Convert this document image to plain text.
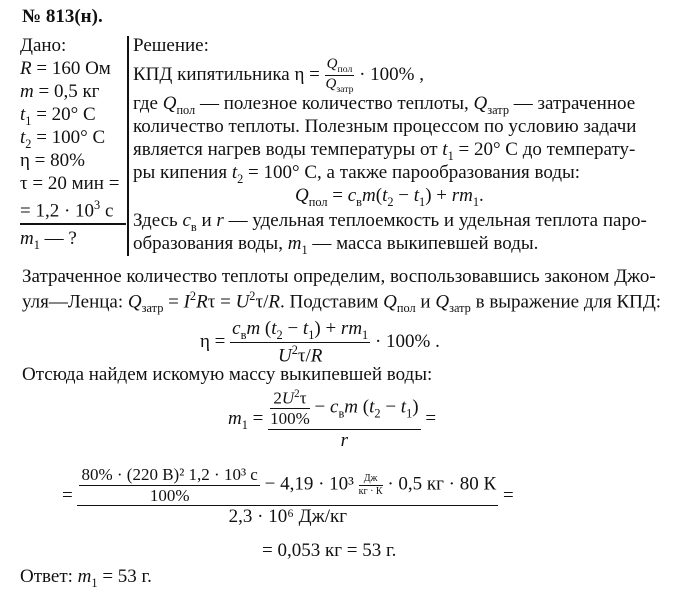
№ 813(н).
Дано:
R = 160 Ом
m = 0,5 кг
$t_1 = 20^\circ$ С
$t_2 = 100^\circ$ С
η = 80%
τ = 20 мин =
= $1,2 \cdot 10^3$ с
$m_1$ — ?
Решение:
КПД кипятильника $\eta = \frac{Q_{пол}}{Q_{затр}} \cdot 100\%$ ,
где $Q_{пол}$ — полезное количество теплоты, $Q_{затр}$ — затраченное
количество теплоты. Полезным процессом по условию задачи
является нагрев воды температуры от $t_1 = 20^\circ$ С до температу-
ры кипения $t_2 = 100^\circ$ С, а также парообразования воды:
$Q_{пол} = c_вm(t_2 - t_1) + rm_1$.
Здесь $c_в$ и r — удельная теплоемкость и удельная теплота паро-
образования воды, $m_1$ — масса выкипевшей воды.
Затраченное количество теплоты определим, воспользовавшись законом Джо-
уля—Ленца: $Q_{затр} = I^2R\tau = U^2\tau/R$. Подставим $Q_{пол}$ и $Q_{затр}$ в выражение для КПД:
$\eta = \frac{c_вm (t_2 - t_1) + rm_1}{U^2\tau/R} \cdot 100\%$ .
Отсюда найдем искомую массу выкипевшей воды:
$m_1 = \frac{\frac{2U^2\tau}{100\%} - c_вm (t_2 - t_1)}{r}$ =
= $\frac{\text{80\% · (220 В)² 1,2 · 10³ с}}{100\%} - 4,19 \cdot 10^3 \frac{Дж}{кг \cdot К} \cdot 0,5$ кг · 80 К
2,3 · 10⁶ Дж/кг
=
= 0,053 кг = 53 г.
Ответ: $m_1 = 53$ г.
